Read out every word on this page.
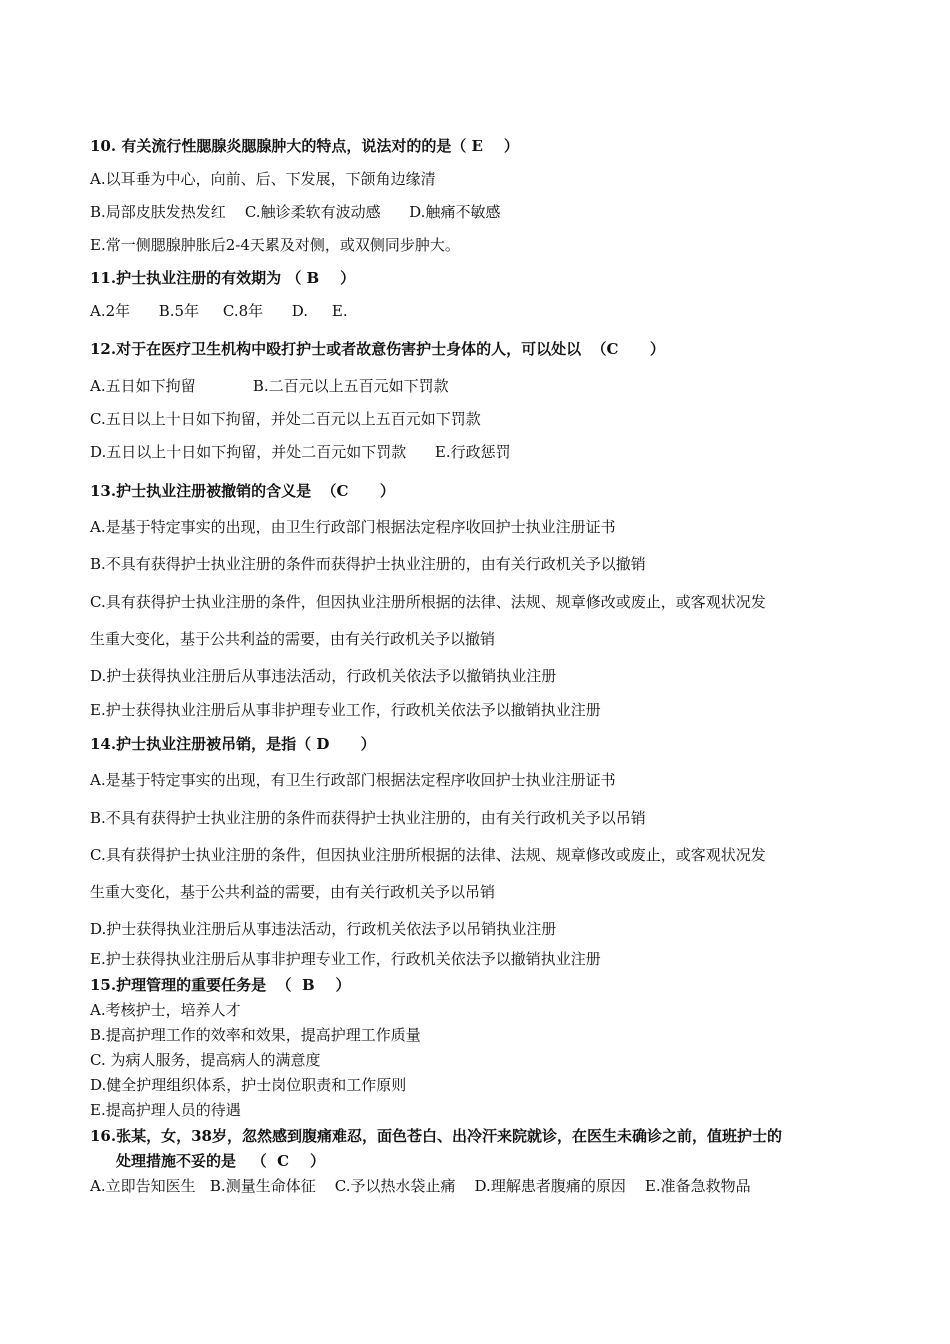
10. 有关流行性腮腺炎腮腺肿大的特点，说法对的的是（ E    ）
A.以耳垂为中心，向前、后、下发展，下颌角边缘清
B.局部皮肤发热发红    C.触诊柔软有波动感      D.触痛不敏感
E.常一侧腮腺肿胀后2-4天累及对侧，或双侧同步肿大。
11.护士执业注册的有效期为 （ B    ）
A.2年      B.5年     C.8年      D.     E.
12.对于在医疗卫生机构中殴打护士或者故意伤害护士身体的人，可以处以  （C      ）
A.五日如下拘留            B.二百元以上五百元如下罚款
C.五日以上十日如下拘留，并处二百元以上五百元如下罚款
D.五日以上十日如下拘留，并处二百元如下罚款      E.行政惩罚
13.护士执业注册被撤销的含义是  （C      ）
A.是基于特定事实的出现，由卫生行政部门根据法定程序收回护士执业注册证书
B.不具有获得护士执业注册的条件而获得护士执业注册的，由有关行政机关予以撤销
C.具有获得护士执业注册的条件，但因执业注册所根据的法律、法规、规章修改或废止，或客观状况发
生重大变化，基于公共利益的需要，由有关行政机关予以撤销
D.护士获得执业注册后从事违法活动，行政机关依法予以撤销执业注册
E.护士获得执业注册后从事非护理专业工作，行政机关依法予以撤销执业注册
14.护士执业注册被吊销，是指（ D      ）
A.是基于特定事实的出现，有卫生行政部门根据法定程序收回护士执业注册证书
B.不具有获得护士执业注册的条件而获得护士执业注册的，由有关行政机关予以吊销
C.具有获得护士执业注册的条件，但因执业注册所根据的法律、法规、规章修改或废止，或客观状况发
生重大变化，基于公共利益的需要，由有关行政机关予以吊销
D.护士获得执业注册后从事违法活动，行政机关依法予以吊销执业注册
E.护士获得执业注册后从事非护理专业工作，行政机关依法予以撤销执业注册
15.护理管理的重要任务是  （  B    ）
A.考核护士，培养人才
B.提高护理工作的效率和效果，提高护理工作质量
C. 为病人服务，提高病人的满意度
D.健全护理组织体系，护士岗位职责和工作原则
E.提高护理人员的待遇
16.张某，女，38岁，忽然感到腹痛难忍，面色苍白、出冷汗来院就诊，在医生未确诊之前，值班护士的
处理措施不妥的是   （  C    ）
A.立即告知医生   B.测量生命体征    C.予以热水袋止痛    D.理解患者腹痛的原因    E.准备急救物品
